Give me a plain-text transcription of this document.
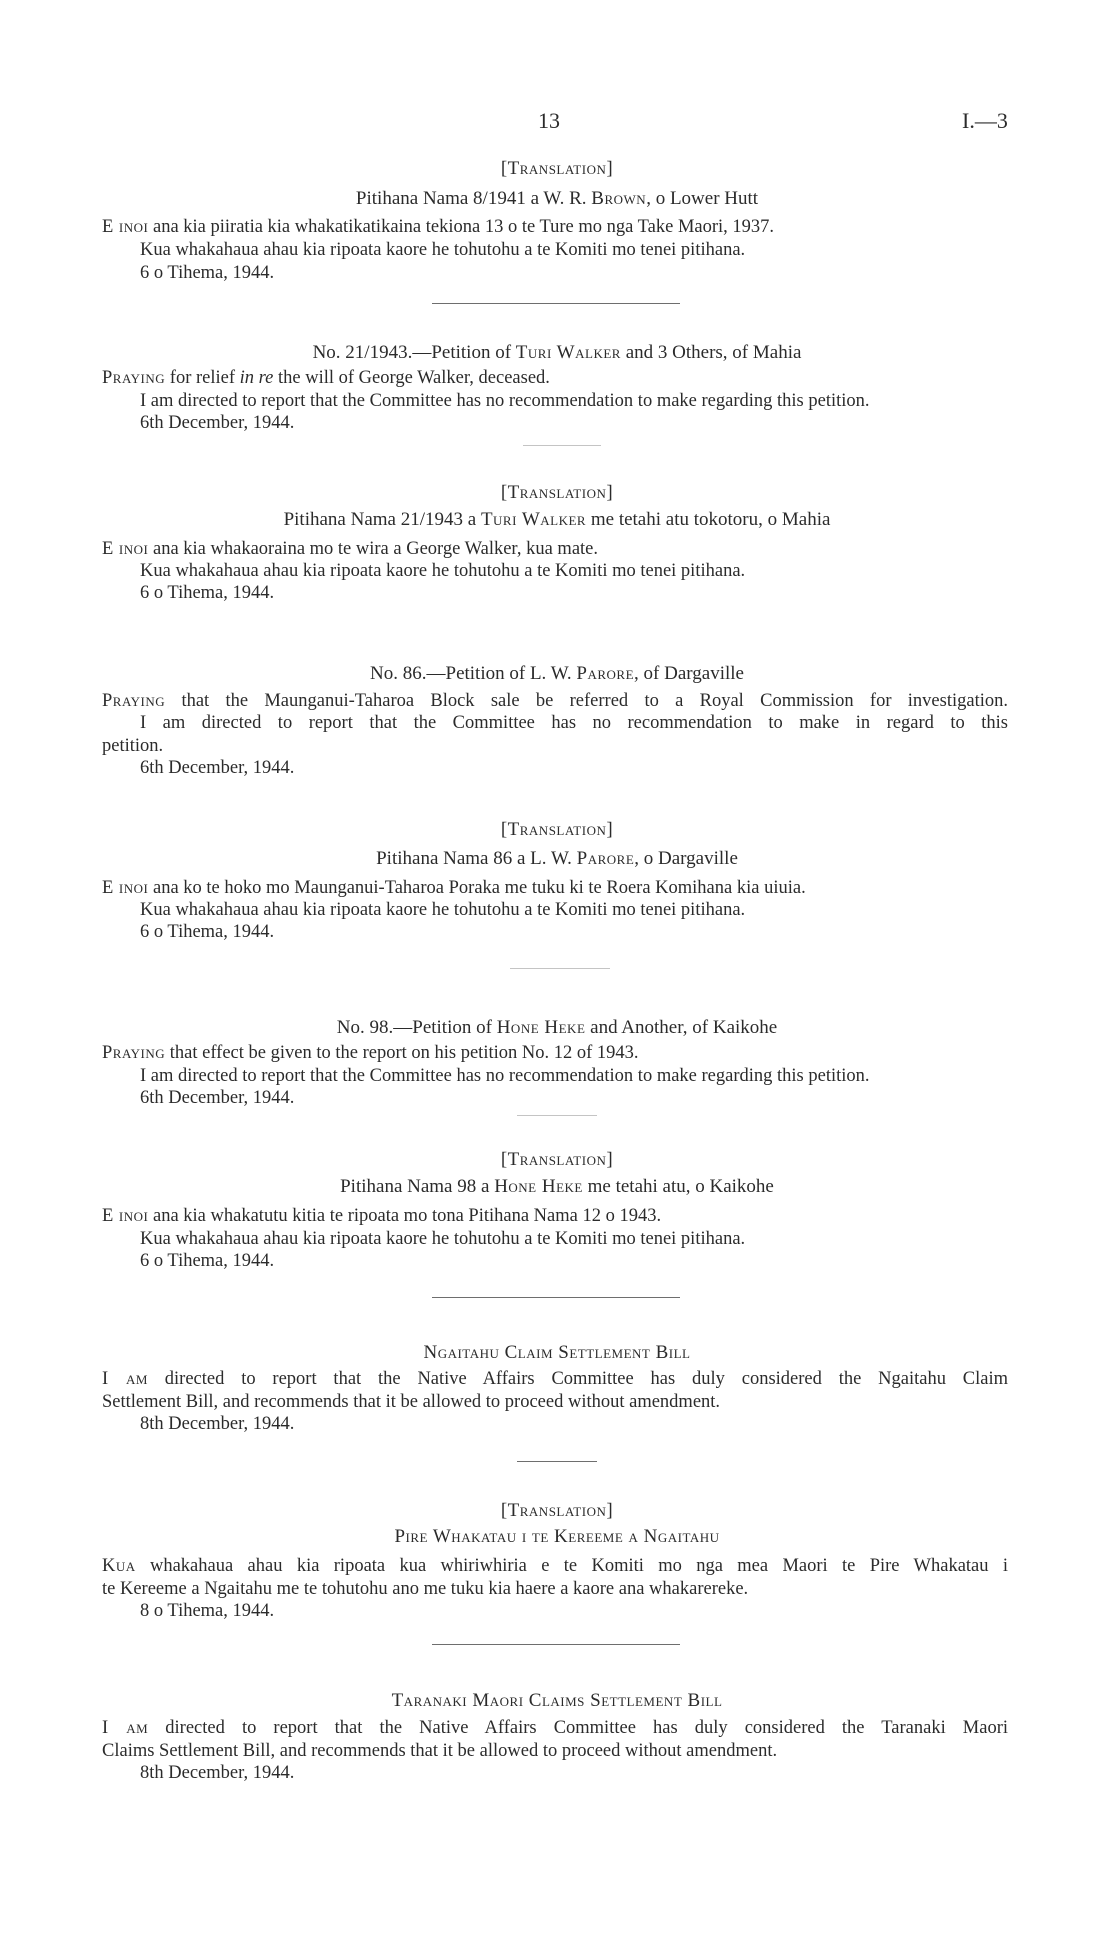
13	I.—3
[Translation]
Pitihana Nama 8/1941 a W. R. Brown, o Lower Hutt
E inoi ana kia piiratia kia whakatikatikaina tekiona 13 o te Ture mo nga Take Maori, 1937.
Kua whakahaua ahau kia ripoata kaore he tohutohu a te Komiti mo tenei pitihana.
6 o Tihema, 1944.
No. 21/1943.—Petition of Turi Walker and 3 Others, of Mahia
Praying for relief in re the will of George Walker, deceased.
I am directed to report that the Committee has no recommendation to make regarding this petition.
6th December, 1944.
[Translation]
Pitihana Nama 21/1943 a Turi Walker me tetahi atu tokotoru, o Mahia
E inoi ana kia whakaoraina mo te wira a George Walker, kua mate.
Kua whakahaua ahau kia ripoata kaore he tohutohu a te Komiti mo tenei pitihana.
6 o Tihema, 1944.
No. 86.—Petition of L. W. Parore, of Dargaville
Praying that the Maunganui-Taharoa Block sale be referred to a Royal Commission for investigation.
I am directed to report that the Committee has no recommendation to make in regard to this
petition.
6th December, 1944.
[Translation]
Pitihana Nama 86 a L. W. Parore, o Dargaville
E inoi ana ko te hoko mo Maunganui-Taharoa Poraka me tuku ki te Roera Komihana kia uiuia.
Kua whakahaua ahau kia ripoata kaore he tohutohu a te Komiti mo tenei pitihana.
6 o Tihema, 1944.
No. 98.—Petition of Hone Heke and Another, of Kaikohe
Praying that effect be given to the report on his petition No. 12 of 1943.
I am directed to report that the Committee has no recommendation to make regarding this petition.
6th December, 1944.
[Translation]
Pitihana Nama 98 a Hone Heke me tetahi atu, o Kaikohe
E inoi ana kia whakatutu kitia te ripoata mo tona Pitihana Nama 12 o 1943.
Kua whakahaua ahau kia ripoata kaore he tohutohu a te Komiti mo tenei pitihana.
6 o Tihema, 1944.
Ngaitahu Claim Settlement Bill
I am directed to report that the Native Affairs Committee has duly considered the Ngaitahu Claim
Settlement Bill, and recommends that it be allowed to proceed without amendment.
8th December, 1944.
[Translation]
Pire Whakatau i te Kereeme a Ngaitahu
Kua whakahaua ahau kia ripoata kua whiriwhiria e te Komiti mo nga mea Maori te Pire Whakatau i
te Kereeme a Ngaitahu me te tohutohu ano me tuku kia haere a kaore ana whakarereke.
8 o Tihema, 1944.
Taranaki Maori Claims Settlement Bill
I am directed to report that the Native Affairs Committee has duly considered the Taranaki Maori
Claims Settlement Bill, and recommends that it be allowed to proceed without amendment.
8th December, 1944.
